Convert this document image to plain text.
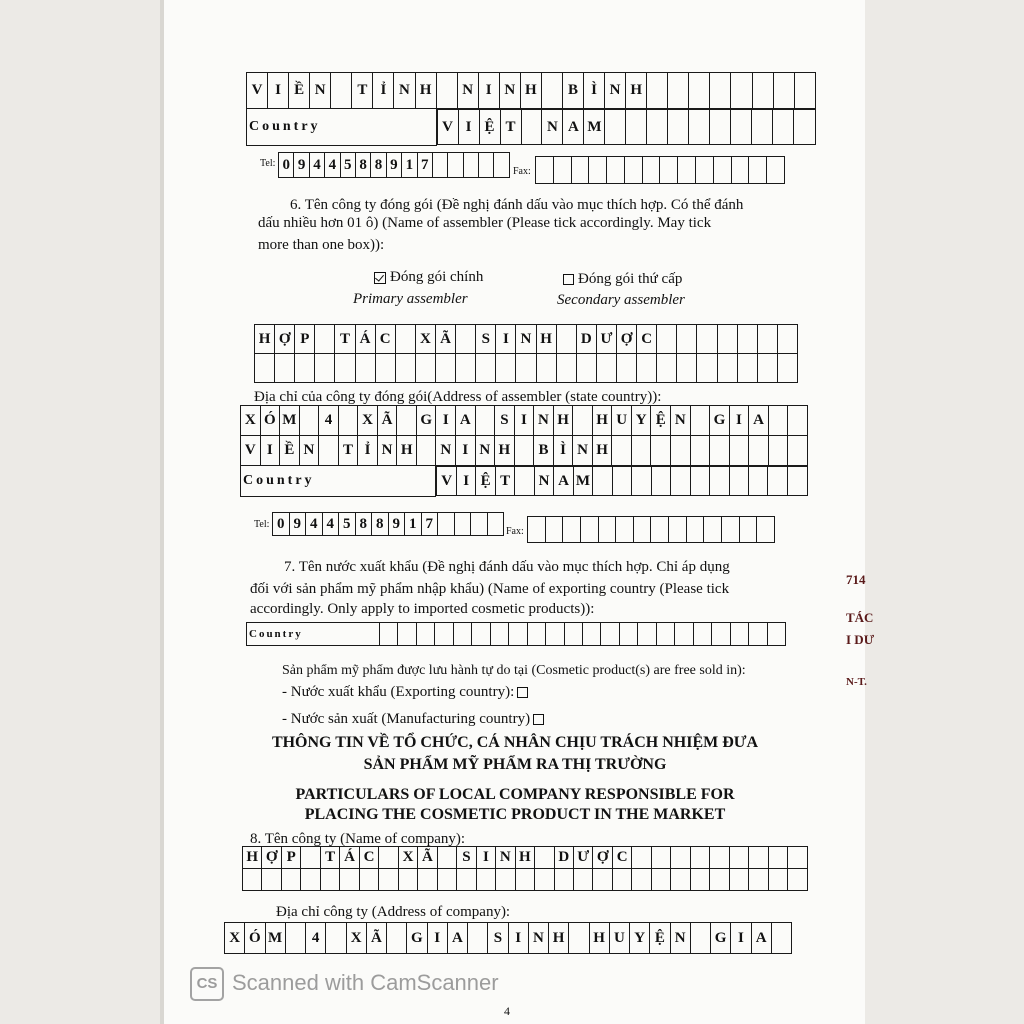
V	I	Ề	N		T	Ỉ	N	H		N	I	N	H		B	Ì	N	H								
Country		V	I	Ệ	T		N	A	M										
Tel: 0	9	4	4	5	8	8	9	1	7						Fax:

6. Tên công ty đóng gói (Đề nghị đánh dấu vào mục thích hợp. Có thể đánh
dấu nhiều hơn 01 ô) (Name of assembler (Please tick accordingly. May tick
more than one box)):
Đóng gói chính
Primary assembler
Đóng gói thứ cấp
Secondary assembler
H	Ợ	P		T	Á	C		X	Ã		S	I	N	H		D	Ư	Ợ	C							

Địa chỉ của công ty đóng gói(Address of assembler (state country)):
X	Ó	M		4		X	Ã		G	I	A		S	I	N	H		H	U	Y	Ệ	N		G	I	A		
V	I	Ề	N		T	Ỉ	N	H		N	I	N	H		B	Ì	N	H										
Country		V	I	Ệ	T		N	A	M											
Tel: 0	9	4	4	5	8	8	9	1	7					Fax:

7. Tên nước xuất khẩu (Đề nghị đánh dấu vào mục thích hợp. Chỉ áp dụng
đối với sản phẩm mỹ phẩm nhập khẩu) (Name of exporting country (Please tick
accordingly. Only apply to imported cosmetic products)):
Country																						
Sản phẩm mỹ phẩm được lưu hành tự do tại (Cosmetic product(s) are free sold in):
- Nước xuất khẩu (Exporting country):
- Nước sản xuất (Manufacturing country)
THÔNG TIN VỀ TỔ CHỨC, CÁ NHÂN CHỊU TRÁCH NHIỆM ĐƯA
SẢN PHẨM MỸ PHẨM RA THỊ TRƯỜNG
PARTICULARS OF LOCAL COMPANY RESPONSIBLE FOR
PLACING THE COSMETIC PRODUCT IN THE MARKET
8. Tên công ty (Name of company):
H	Ợ	P		T	Á	C		X	Ã		S	I	N	H		D	Ư	Ợ	C									

Địa chỉ công ty (Address of company):
X	Ó	M		4		X	Ã		G	I	A		S	I	N	H		H	U	Y	Ệ	N		G	I	A	
714
TÁC
I DƯ
N-T.
4
CS Scanned with CamScanner
